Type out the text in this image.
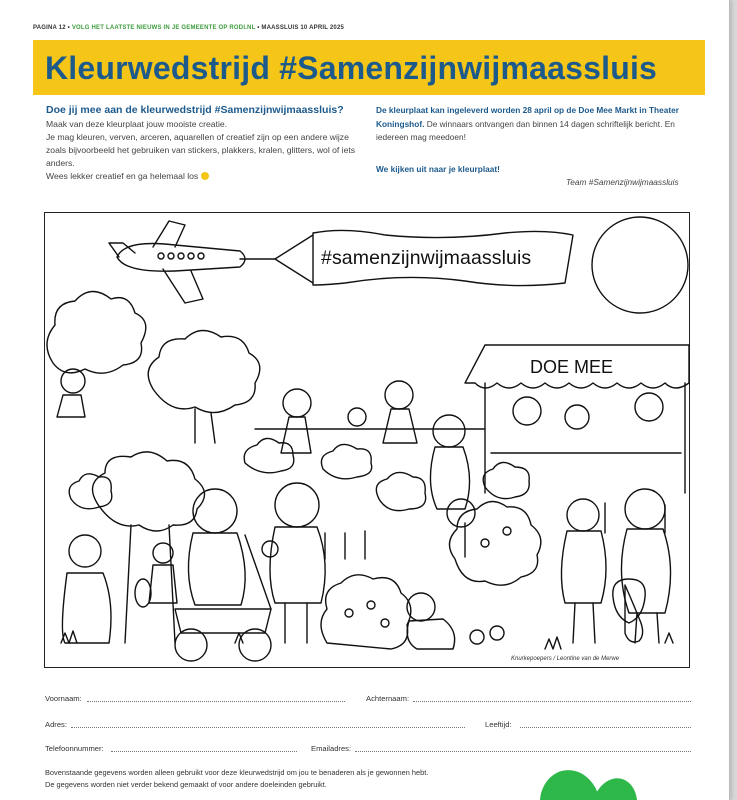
PAGINA 12 • VOLG HET LAATSTE NIEUWS IN JE GEMEENTE OP RODI.NL • MAASSLUIS 10 APRIL 2025
Kleurwedstrijd #Samenzijnwijmaassluis
Doe jij mee aan de kleurwedstrijd #Samenzijnwijmaassluis?

Maak van deze kleurplaat jouw mooiste creatie.

Je mag kleuren, verven, arceren, aquarellen of creatief zijn op een andere wijze zoals bijvoorbeeld het gebruiken van stickers, plakkers, kralen, glitters, wol of iets anders.

Wees lekker creatief en ga helemaal los

De kleurplaat kan ingeleverd worden 28 april op de Doe Mee Markt in Theater Koningshof. De winnaars ontvangen dan binnen 14 dagen schriftelijk bericht. En iedereen mag meedoen!

We kijken uit naar je kleurplaat!
Team #Samenzijnwijmaassluis
#samenzijnwijmaassluis
DOE MEE
Knurkepoepers / Leontine van de Merwe
Voornaam:	Achternaam:
Adres:	Leeftijd:
Telefoonnummer:	Emailadres:
Bovenstaande gegevens worden alleen gebruikt voor deze kleurwedstrijd om jou te benaderen als je gewonnen hebt.
De gegevens worden niet verder bekend gemaakt of voor andere doeleinden gebruikt.
